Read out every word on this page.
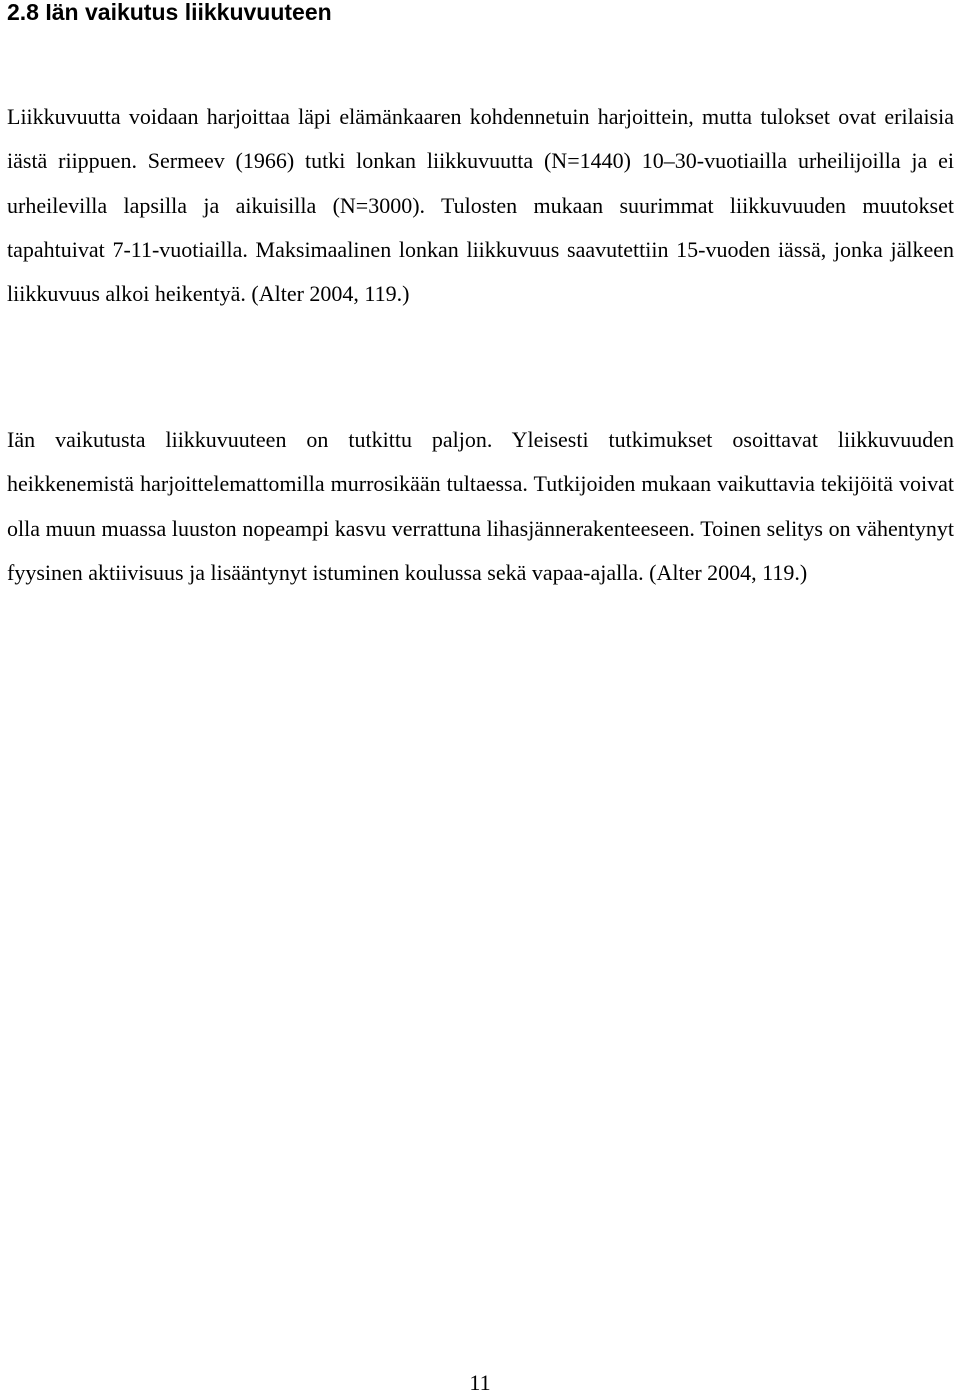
2.8 Iän vaikutus liikkuvuuteen

Liikkuvuutta voidaan harjoittaa läpi elämänkaaren kohdennetuin harjoittein, mutta tulokset ovat erilaisia iästä riippuen. Sermeev (1966) tutki lonkan liikkuvuutta (N=1440) 10–30-vuotiailla urheilijoilla ja ei urheilevilla lapsilla ja aikuisilla (N=3000). Tulosten mukaan suurimmat liikkuvuuden muutokset tapahtuivat 7-11-vuotiailla. Maksimaalinen lonkan liikkuvuus saavutettiin 15-vuoden iässä, jonka jälkeen liikkuvuus alkoi heikentyä. (Alter 2004, 119.)

Iän vaikutusta liikkuvuuteen on tutkittu paljon. Yleisesti tutkimukset osoittavat liikkuvuuden heikkenemistä harjoittelemattomilla murrosikään tultaessa. Tutkijoiden mukaan vaikuttavia tekijöitä voivat olla muun muassa luuston nopeampi kasvu verrattuna lihasjännerakenteeseen. Toinen selitys on vähentynyt fyysinen aktiivisuus ja lisääntynyt istuminen koulussa sekä vapaa-ajalla. (Alter 2004, 119.)

11
